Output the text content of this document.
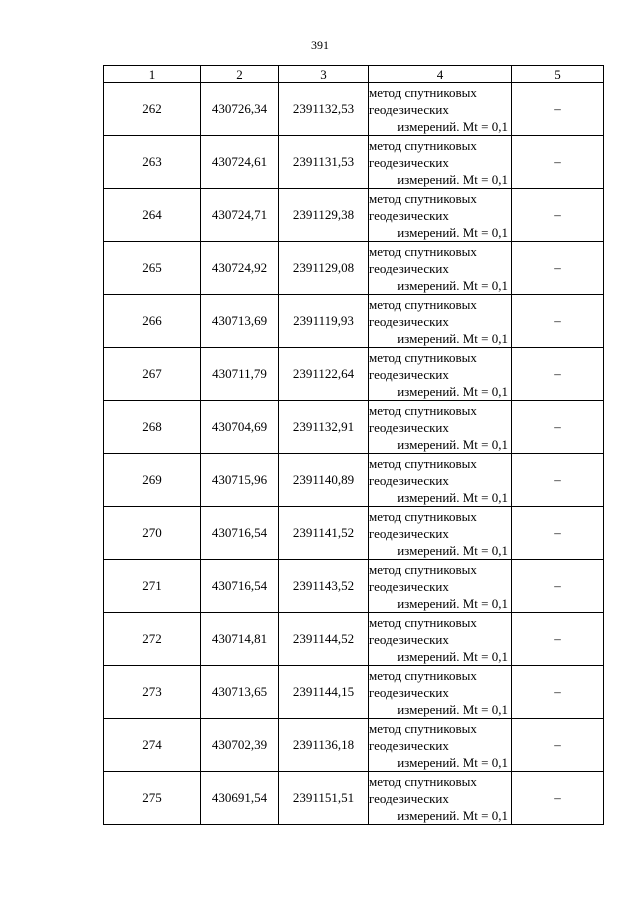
391
1	2	3	4	5
262	430726,34	2391132,53	метод спутниковых
геодезических
измерений. Mt = 0,1	–
263	430724,61	2391131,53	метод спутниковых
геодезических
измерений. Mt = 0,1	–
264	430724,71	2391129,38	метод спутниковых
геодезических
измерений. Mt = 0,1	–
265	430724,92	2391129,08	метод спутниковых
геодезических
измерений. Mt = 0,1	–
266	430713,69	2391119,93	метод спутниковых
геодезических
измерений. Mt = 0,1	–
267	430711,79	2391122,64	метод спутниковых
геодезических
измерений. Mt = 0,1	–
268	430704,69	2391132,91	метод спутниковых
геодезических
измерений. Mt = 0,1	–
269	430715,96	2391140,89	метод спутниковых
геодезических
измерений. Mt = 0,1	–
270	430716,54	2391141,52	метод спутниковых
геодезических
измерений. Mt = 0,1	–
271	430716,54	2391143,52	метод спутниковых
геодезических
измерений. Mt = 0,1	–
272	430714,81	2391144,52	метод спутниковых
геодезических
измерений. Mt = 0,1	–
273	430713,65	2391144,15	метод спутниковых
геодезических
измерений. Mt = 0,1	–
274	430702,39	2391136,18	метод спутниковых
геодезических
измерений. Mt = 0,1	–
275	430691,54	2391151,51	метод спутниковых
геодезических
измерений. Mt = 0,1	–
